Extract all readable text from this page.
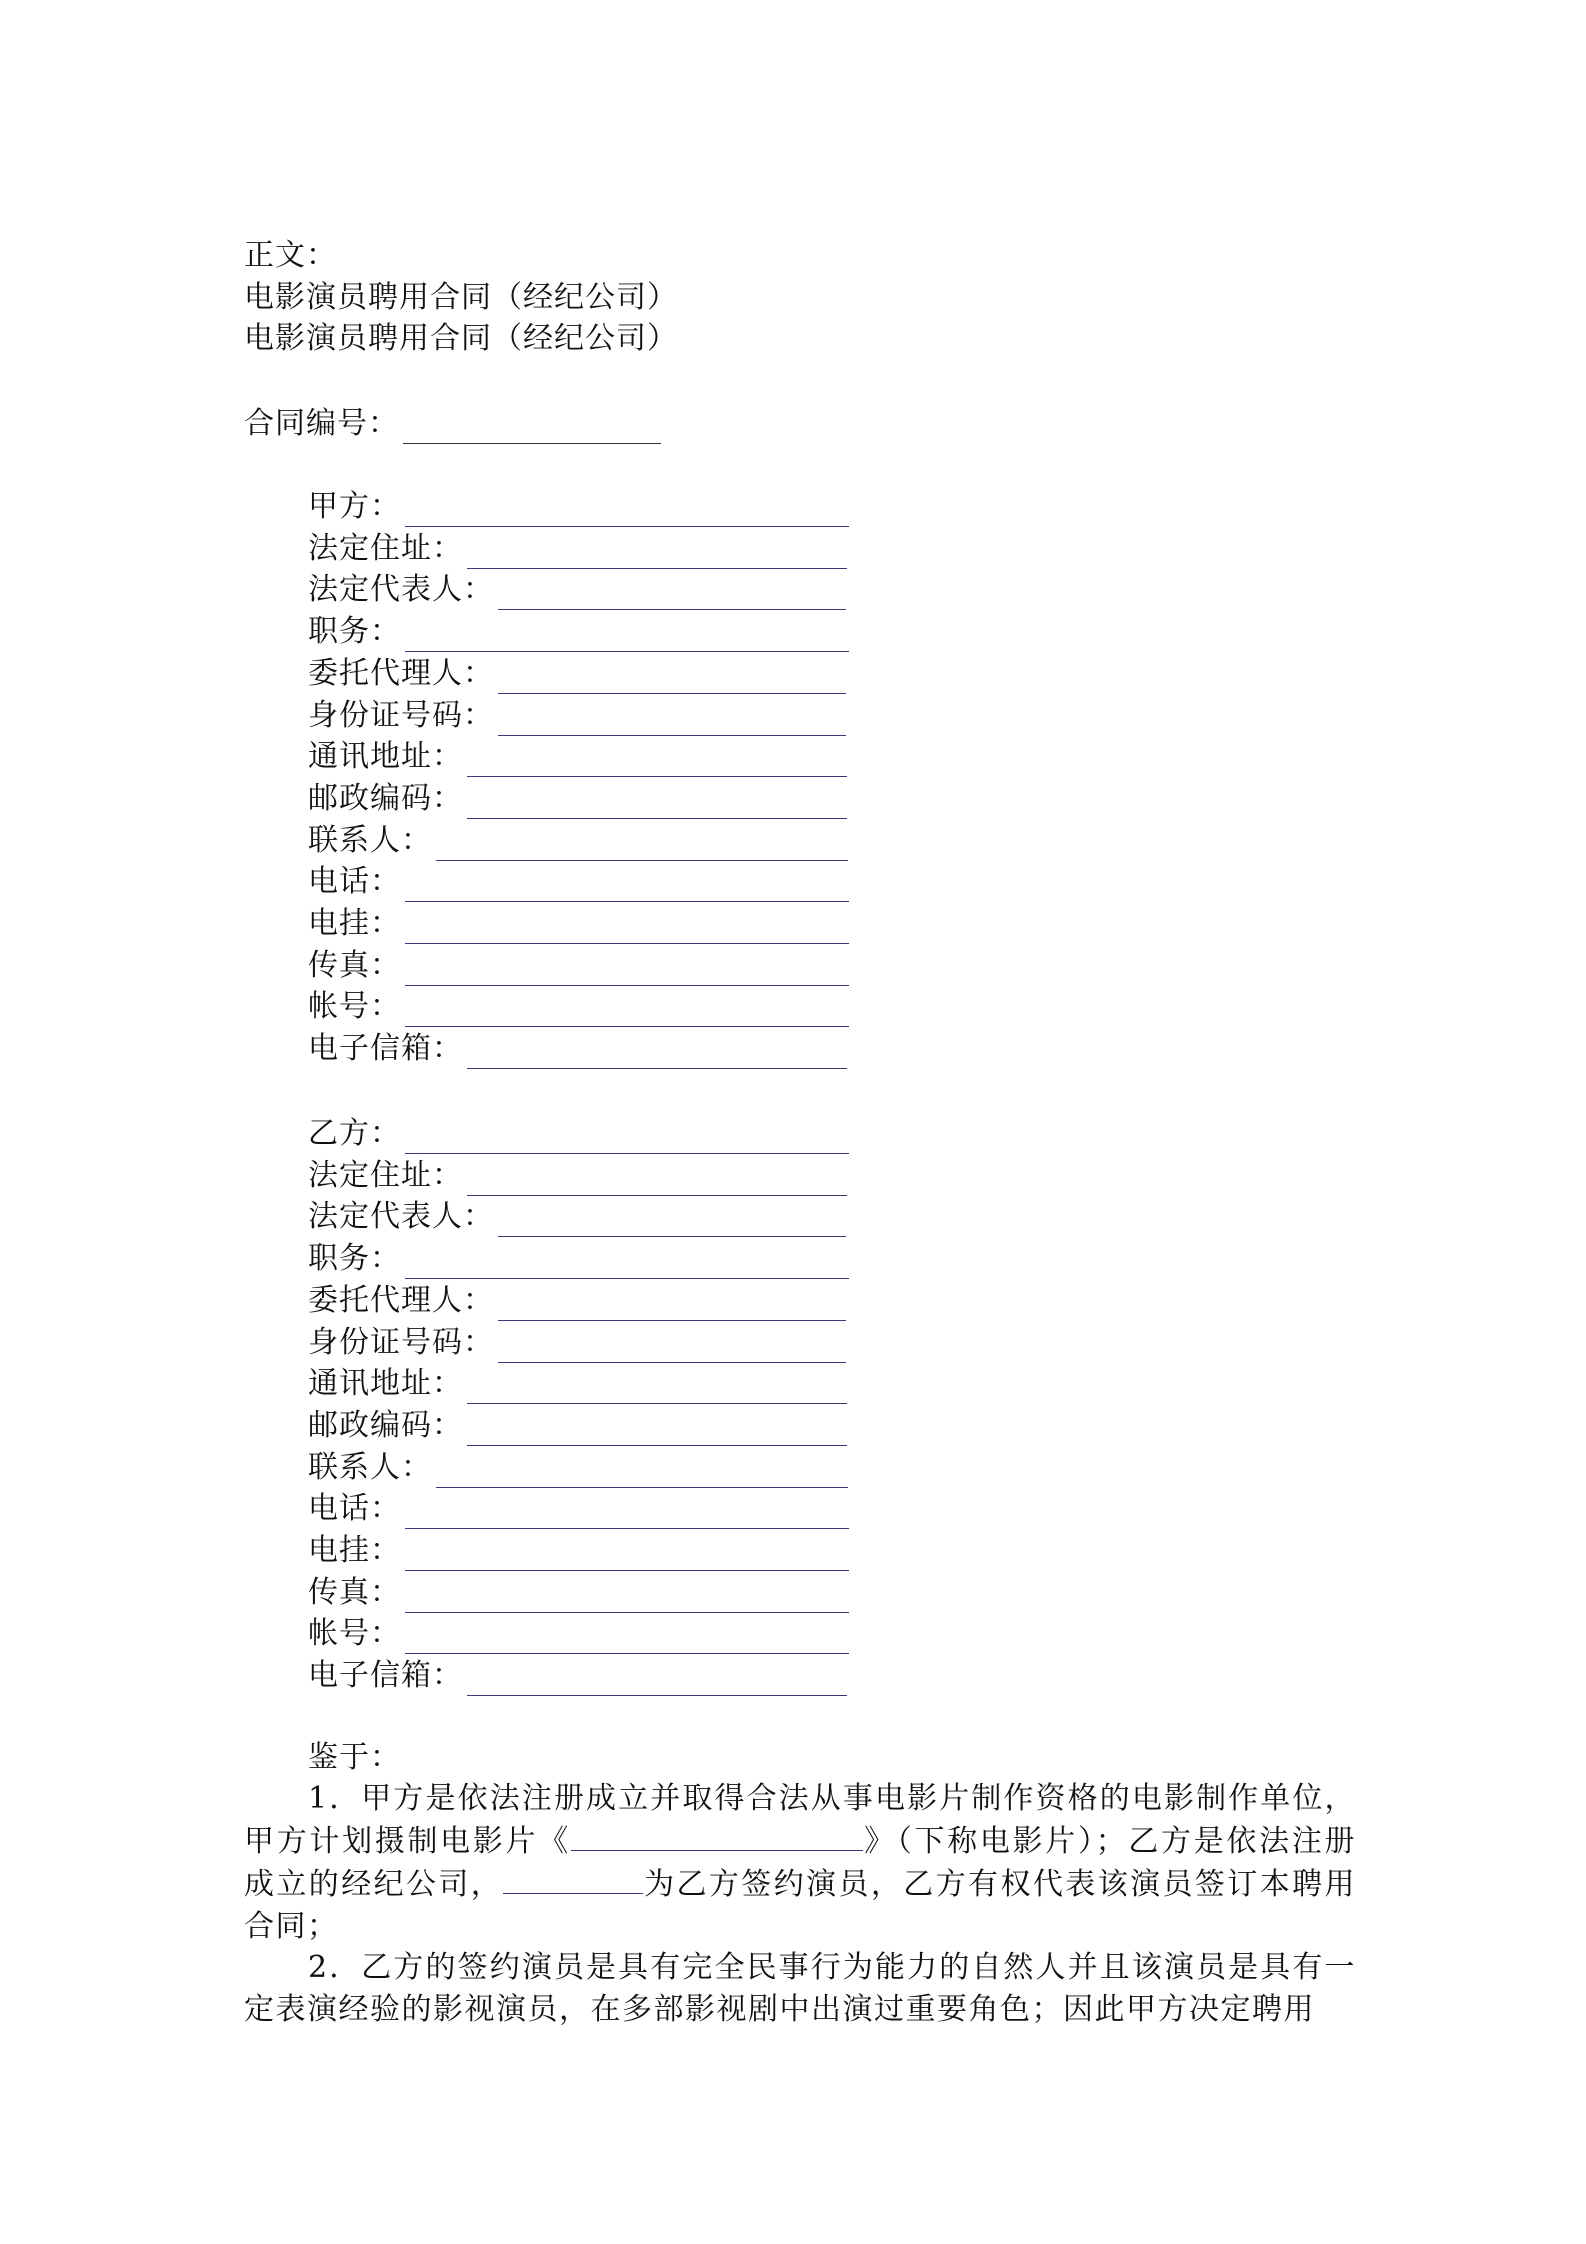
正文：
电影演员聘用合同（经纪公司）
电影演员聘用合同（经纪公司）
合同编号：
甲方：
法定住址：
法定代表人：
职务：
委托代理人：
身份证号码：
通讯地址：
邮政编码：
联系人：
电话：
电挂：
传真：
帐号：
电子信箱：
乙方：
法定住址：
法定代表人：
职务：
委托代理人：
身份证号码：
通讯地址：
邮政编码：
联系人：
电话：
电挂：
传真：
帐号：
电子信箱：
鉴于：
1．甲方是依法注册成立并取得合法从事电影片制作资格的电影制作单位，甲方计划摄制电影片《	》（下称电影片）；乙方是依法注册成立的经纪公司，	为乙方签约演员，乙方有权代表该演员签订本聘用合同；
2．乙方的签约演员是具有完全民事行为能力的自然人并且该演员是具有一定表演经验的影视演员，在多部影视剧中出演过重要角色；因此甲方决定聘用
